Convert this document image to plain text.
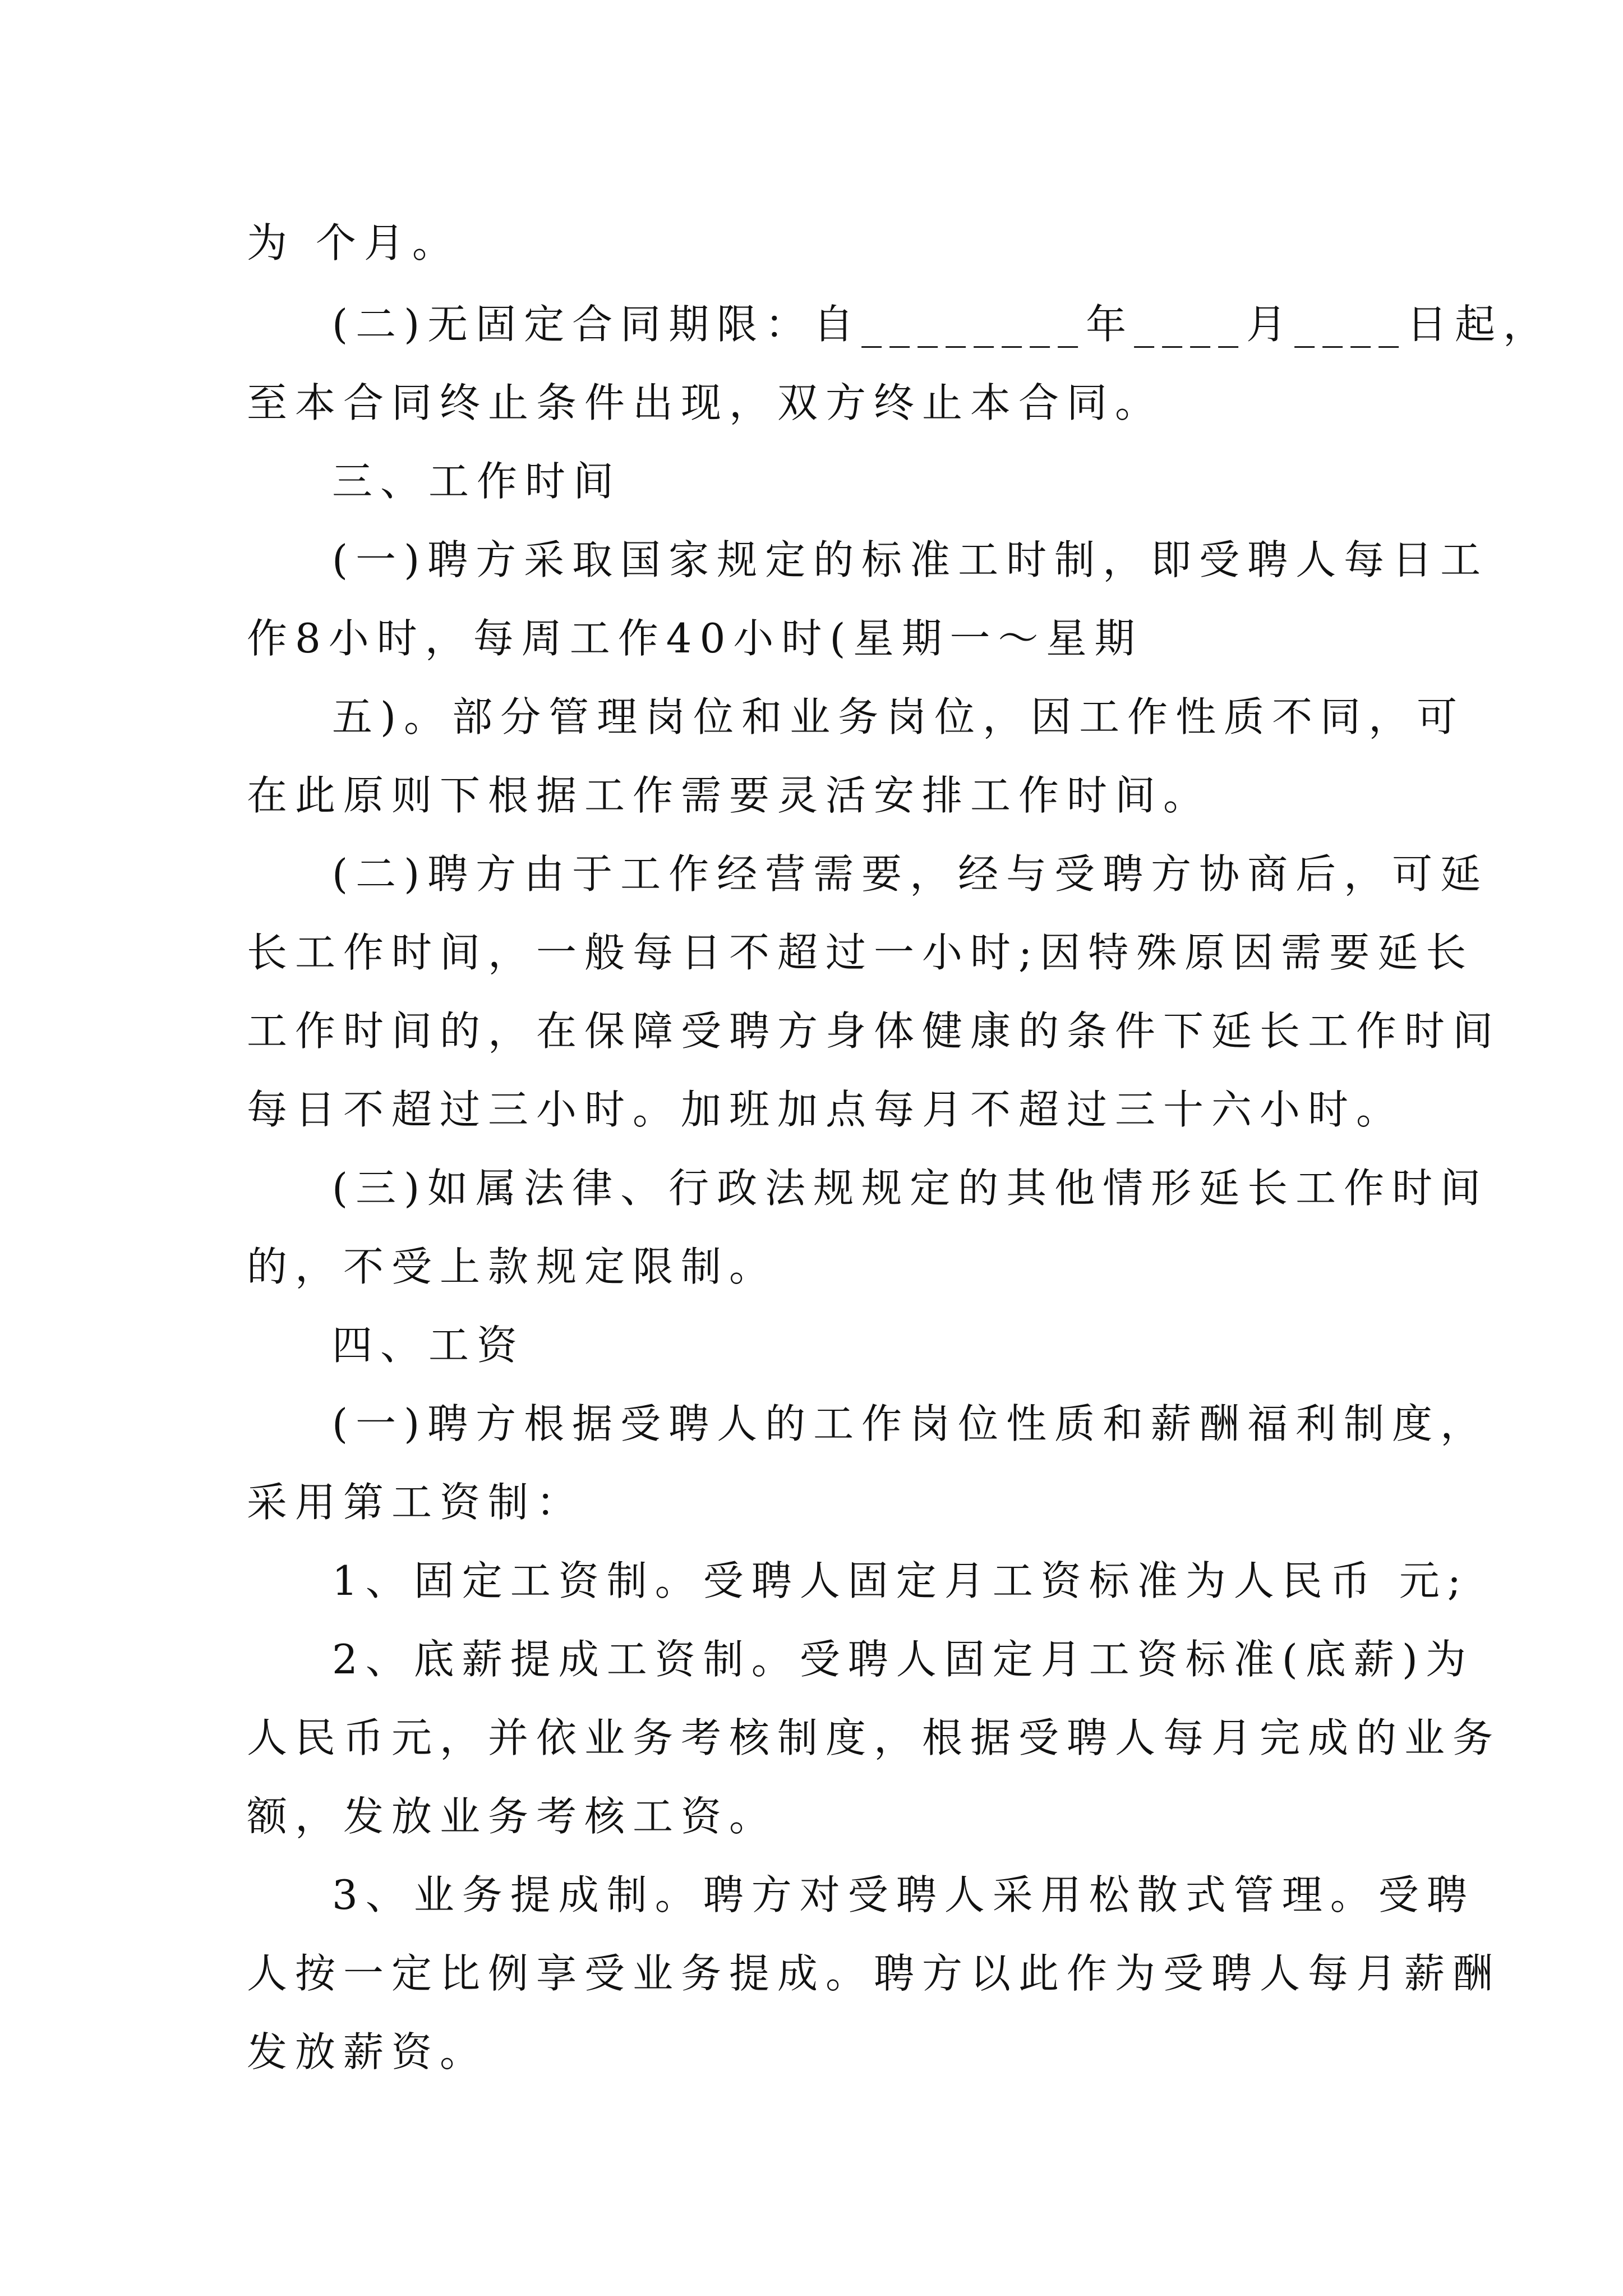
为 个月。
(二)无固定合同期限：自________年____月____日起，
至本合同终止条件出现，双方终止本合同。
三、工作时间
(一)聘方采取国家规定的标准工时制，即受聘人每日工
作8小时，每周工作40小时(星期一～星期
五)。部分管理岗位和业务岗位，因工作性质不同，可
在此原则下根据工作需要灵活安排工作时间。
(二)聘方由于工作经营需要，经与受聘方协商后，可延
长工作时间，一般每日不超过一小时;因特殊原因需要延长
工作时间的，在保障受聘方身体健康的条件下延长工作时间
每日不超过三小时。加班加点每月不超过三十六小时。
(三)如属法律、行政法规规定的其他情形延长工作时间
的，不受上款规定限制。
四、工资
(一)聘方根据受聘人的工作岗位性质和薪酬福利制度，
采用第工资制：
1、固定工资制。受聘人固定月工资标准为人民币 元;
2、底薪提成工资制。受聘人固定月工资标准(底薪)为
人民币元，并依业务考核制度，根据受聘人每月完成的业务
额，发放业务考核工资。
3、业务提成制。聘方对受聘人采用松散式管理。受聘
人按一定比例享受业务提成。聘方以此作为受聘人每月薪酬
发放薪资。
